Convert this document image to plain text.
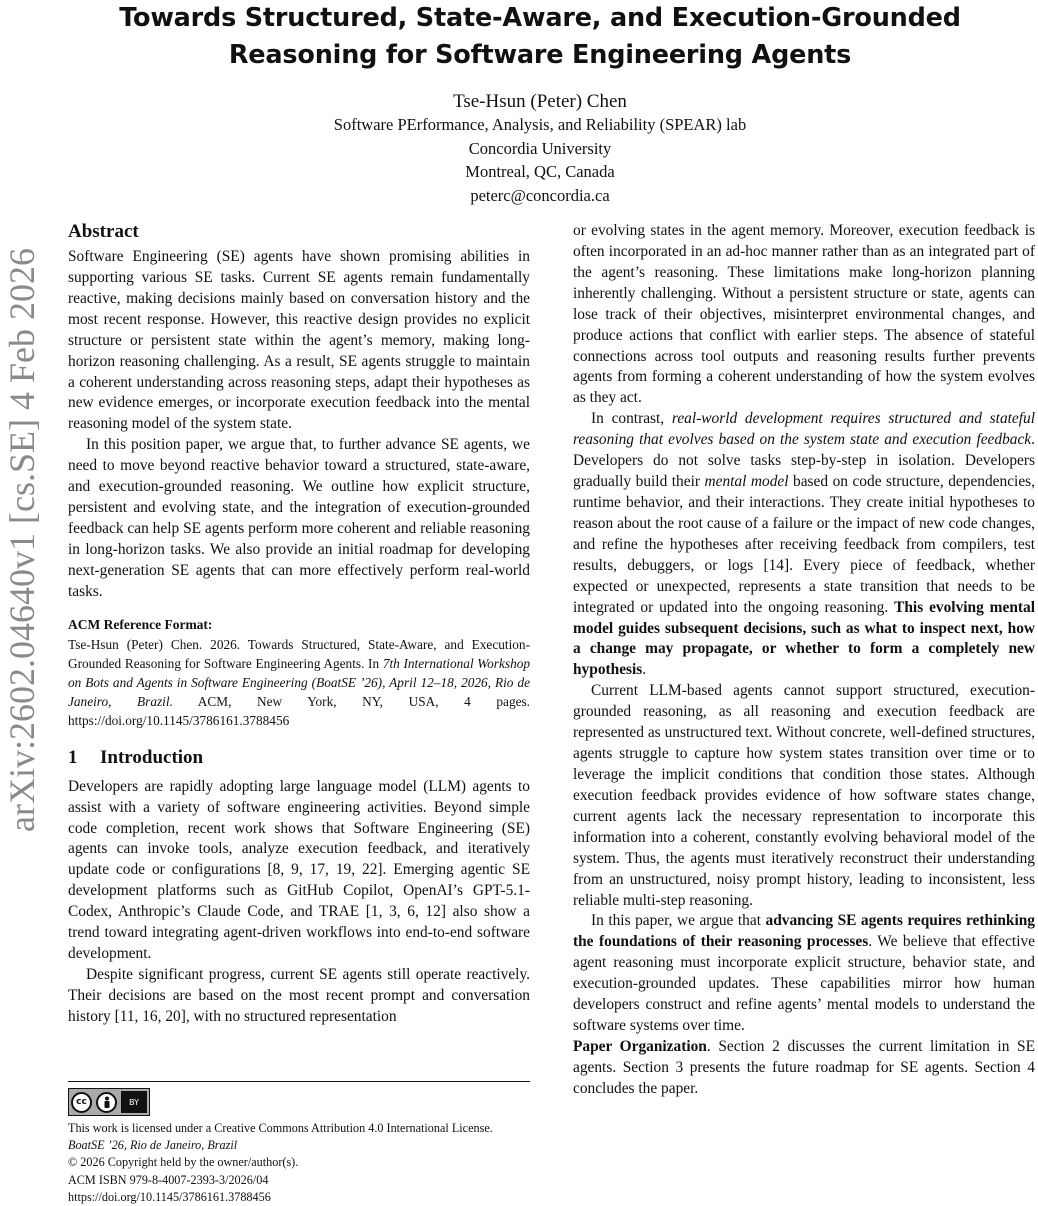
arXiv:2602.04640v1 [cs.SE] 4 Feb 2026
Towards Structured, State-Aware, and Execution-Grounded
Reasoning for Software Engineering Agents
Tse-Hsun (Peter) Chen
Software PErformance, Analysis, and Reliability (SPEAR) lab
Concordia University
Montreal, QC, Canada
peterc@concordia.ca
Abstract

Software Engineering (SE) agents have shown promising abilities in supporting various SE tasks. Current SE agents remain fundamentally reactive, making decisions mainly based on conversation history and the most recent response. However, this reactive design provides no explicit structure or persistent state within the agent’s memory, making long-horizon reasoning challenging. As a result, SE agents struggle to maintain a coherent understanding across reasoning steps, adapt their hypotheses as new evidence emerges, or incorporate execution feedback into the mental reasoning model of the system state.

In this position paper, we argue that, to further advance SE agents, we need to move beyond reactive behavior toward a structured, state-aware, and execution-grounded reasoning. We outline how explicit structure, persistent and evolving state, and the integration of execution-grounded feedback can help SE agents perform more coherent and reliable reasoning in long-horizon tasks. We also provide an initial roadmap for developing next-generation SE agents that can more effectively perform real-world tasks.

ACM Reference Format:

Tse-Hsun (Peter) Chen. 2026. Towards Structured, State-Aware, and Execution-Grounded Reasoning for Software Engineering Agents. In 7th International Workshop on Bots and Agents in Software Engineering (BoatSE ’26), April 12–18, 2026, Rio de Janeiro, Brazil. ACM, New York, NY, USA, 4 pages. https://doi.org/10.1145/3786161.3788456

1 Introduction

Developers are rapidly adopting large language model (LLM) agents to assist with a variety of software engineering activities. Beyond simple code completion, recent work shows that Software Engineering (SE) agents can invoke tools, analyze execution feedback, and iteratively update code or configurations [8, 9, 17, 19, 22]. Emerging agentic SE development platforms such as GitHub Copilot, OpenAI’s GPT-5.1-Codex, Anthropic’s Claude Code, and TRAE [1, 3, 6, 12] also show a trend toward integrating agent-driven workflows into end-to-end software development.

Despite significant progress, current SE agents still operate reactively. Their decisions are based on the most recent prompt and conversation history [11, 16, 20], with no structured representation

or evolving states in the agent memory. Moreover, execution feedback is often incorporated in an ad-hoc manner rather than as an integrated part of the agent’s reasoning. These limitations make long-horizon planning inherently challenging. Without a persistent structure or state, agents can lose track of their objectives, misinterpret environmental changes, and produce actions that conflict with earlier steps. The absence of stateful connections across tool outputs and reasoning results further prevents agents from forming a coherent understanding of how the system evolves as they act.

In contrast, real-world development requires structured and stateful reasoning that evolves based on the system state and execution feedback. Developers do not solve tasks step-by-step in isolation. Developers gradually build their mental model based on code structure, dependencies, runtime behavior, and their interactions. They create initial hypotheses to reason about the root cause of a failure or the impact of new code changes, and refine the hypotheses after receiving feedback from compilers, test results, debuggers, or logs [14]. Every piece of feedback, whether expected or unexpected, represents a state transition that needs to be integrated or updated into the ongoing reasoning. This evolving mental model guides subsequent decisions, such as what to inspect next, how a change may propagate, or whether to form a completely new hypothesis.

Current LLM-based agents cannot support structured, execution-grounded reasoning, as all reasoning and execution feedback are represented as unstructured text. Without concrete, well-defined structures, agents struggle to capture how system states transition over time or to leverage the implicit conditions that condition those states. Although execution feedback provides evidence of how software states change, current agents lack the necessary representation to incorporate this information into a coherent, constantly evolving behavioral model of the system. Thus, the agents must iteratively reconstruct their understanding from an unstructured, noisy prompt history, leading to inconsistent, less reliable multi-step reasoning.

In this paper, we argue that advancing SE agents requires rethinking the foundations of their reasoning processes. We believe that effective agent reasoning must incorporate explicit structure, behavior state, and execution-grounded updates. These capabilities mirror how human developers construct and refine agents’ mental models to understand the software systems over time.

Paper Organization. Section 2 discusses the current limitation in SE agents. Section 3 presents the future roadmap for SE agents. Section 4 concludes the paper.

cc	BY
This work is licensed under a Creative Commons Attribution 4.0 International License.
BoatSE ’26, Rio de Janeiro, Brazil
© 2026 Copyright held by the owner/author(s).
ACM ISBN 979-8-4007-2393-3/2026/04
https://doi.org/10.1145/3786161.3788456
